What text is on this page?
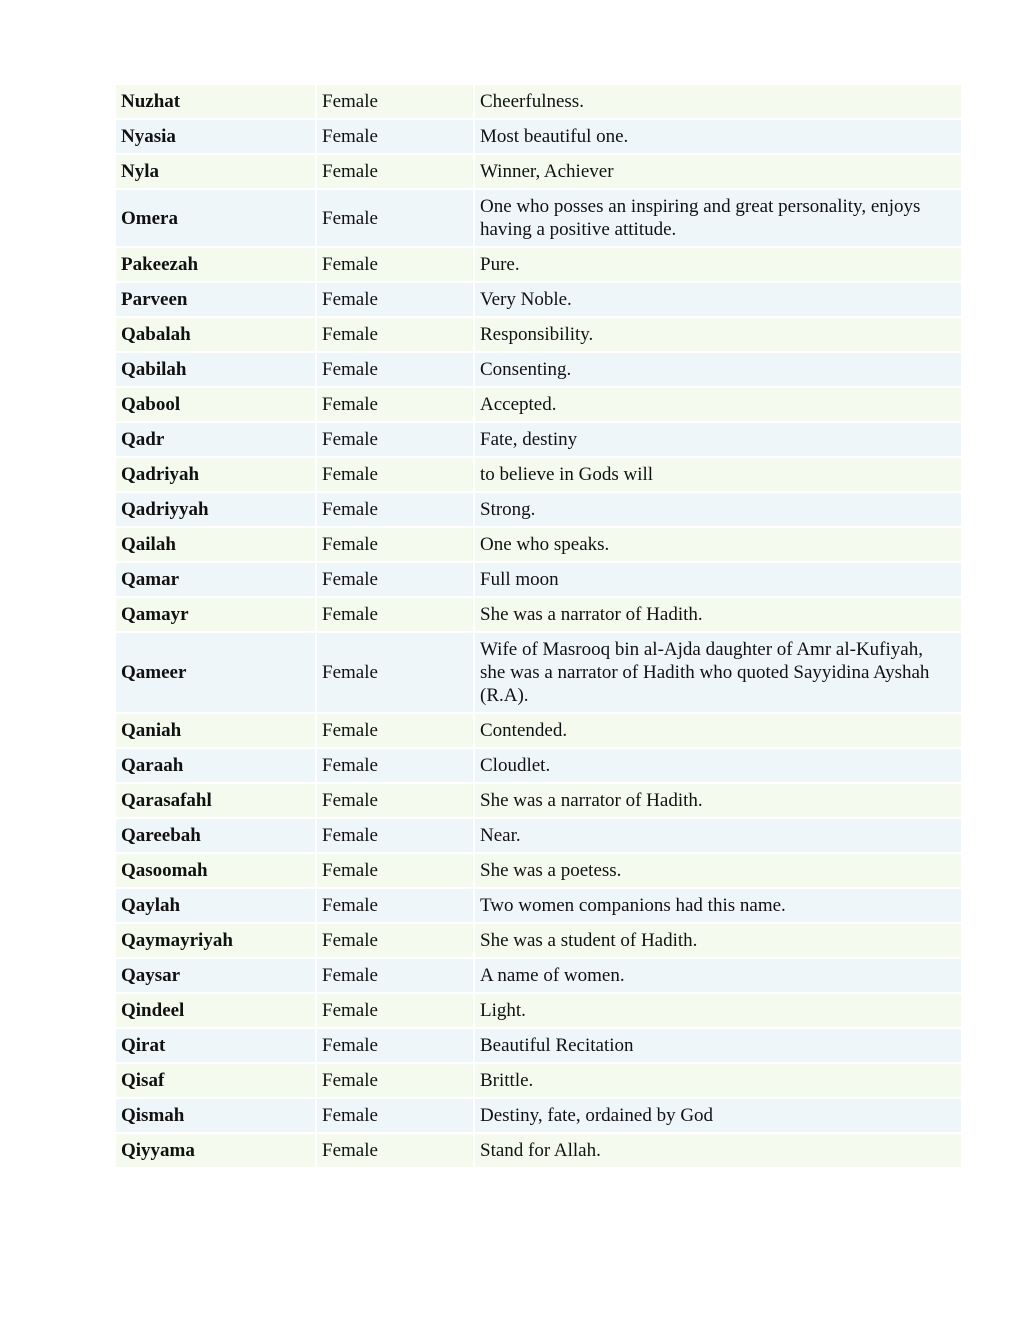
Nuzhat	Female	Cheerfulness.
Nyasia	Female	Most beautiful one.
Nyla	Female	Winner, Achiever
Omera	Female	One who posses an inspiring and great personality, enjoys having a positive attitude.
Pakeezah	Female	Pure.
Parveen	Female	Very Noble.
Qabalah	Female	Responsibility.
Qabilah	Female	Consenting.
Qabool	Female	Accepted.
Qadr	Female	Fate, destiny
Qadriyah	Female	to believe in Gods will
Qadriyyah	Female	Strong.
Qailah	Female	One who speaks.
Qamar	Female	Full moon
Qamayr	Female	She was a narrator of Hadith.
Qameer	Female	Wife of Masrooq bin al-Ajda daughter of Amr al-Kufiyah, she was a narrator of Hadith who quoted Sayyidina Ayshah (R.A).
Qaniah	Female	Contended.
Qaraah	Female	Cloudlet.
Qarasafahl	Female	She was a narrator of Hadith.
Qareebah	Female	Near.
Qasoomah	Female	She was a poetess.
Qaylah	Female	Two women companions had this name.
Qaymayriyah	Female	She was a student of Hadith.
Qaysar	Female	A name of women.
Qindeel	Female	Light.
Qirat	Female	Beautiful Recitation
Qisaf	Female	Brittle.
Qismah	Female	Destiny, fate, ordained by God
Qiyyama	Female	Stand for Allah.
